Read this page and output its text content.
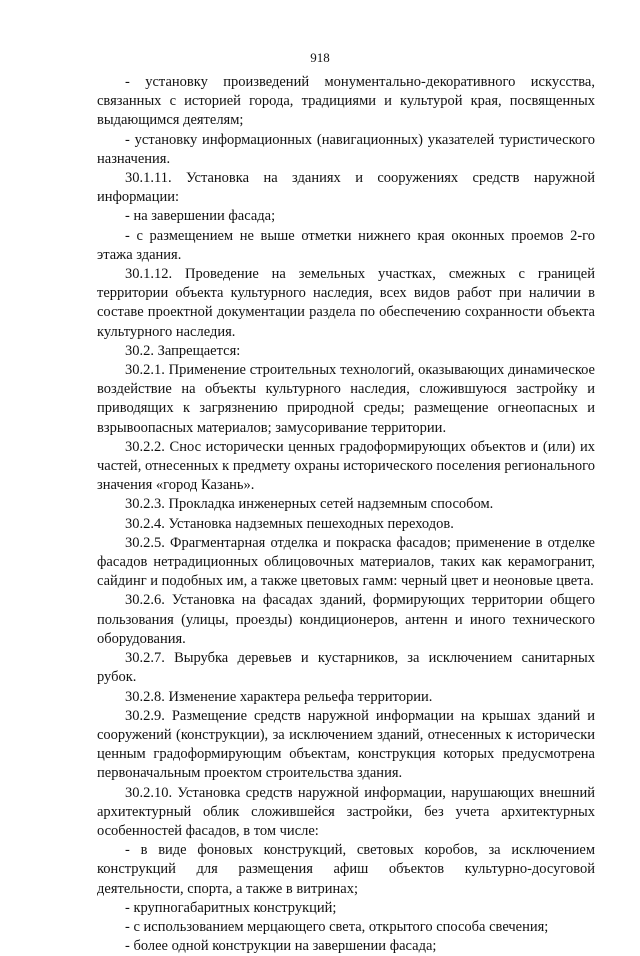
918

- установку произведений монументально-декоративного искусства, связанных с историей города, традициями и культурой края, посвященных выдающимся деятелям;

- установку информационных (навигационных) указателей туристического назначения.

30.1.11. Установка на зданиях и сооружениях средств наружной информации:

- на завершении фасада;

- с размещением не выше отметки нижнего края оконных проемов 2-го этажа здания.

30.1.12. Проведение на земельных участках, смежных с границей территории объекта культурного наследия, всех видов работ при наличии в составе проектной документации раздела по обеспечению сохранности объекта культурного наследия.

30.2. Запрещается:

30.2.1. Применение строительных технологий, оказывающих динамическое воздействие на объекты культурного наследия, сложившуюся застройку и приводящих к загрязнению природной среды; размещение огнеопасных и взрывоопасных материалов; замусоривание территории.

30.2.2. Снос исторически ценных градоформирующих объектов и (или) их частей, отнесенных к предмету охраны исторического поселения регионального значения «город Казань».

30.2.3. Прокладка инженерных сетей надземным способом.

30.2.4. Установка надземных пешеходных переходов.

30.2.5. Фрагментарная отделка и покраска фасадов; применение в отделке фасадов нетрадиционных облицовочных материалов, таких как керамогранит, сайдинг и подобных им, а также цветовых гамм: черный цвет и неоновые цвета.

30.2.6. Установка на фасадах зданий, формирующих территории общего пользования (улицы, проезды) кондиционеров, антенн и иного технического оборудования.

30.2.7. Вырубка деревьев и кустарников, за исключением санитарных рубок.

30.2.8. Изменение характера рельефа территории.

30.2.9. Размещение средств наружной информации на крышах зданий и сооружений (конструкции), за исключением зданий, отнесенных к исторически ценным градоформирующим объектам, конструкция которых предусмотрена первоначальным проектом строительства здания.

30.2.10. Установка средств наружной информации, нарушающих внешний архитектурный облик сложившейся застройки, без учета архитектурных особенностей фасадов, в том числе:

- в виде фоновых конструкций, световых коробов, за исключением конструкций для размещения афиш объектов культурно-досуговой деятельности, спорта, а также в витринах;

- крупногабаритных конструкций;

- с использованием мерцающего света, открытого способа свечения;

- более одной конструкции на завершении фасада;
